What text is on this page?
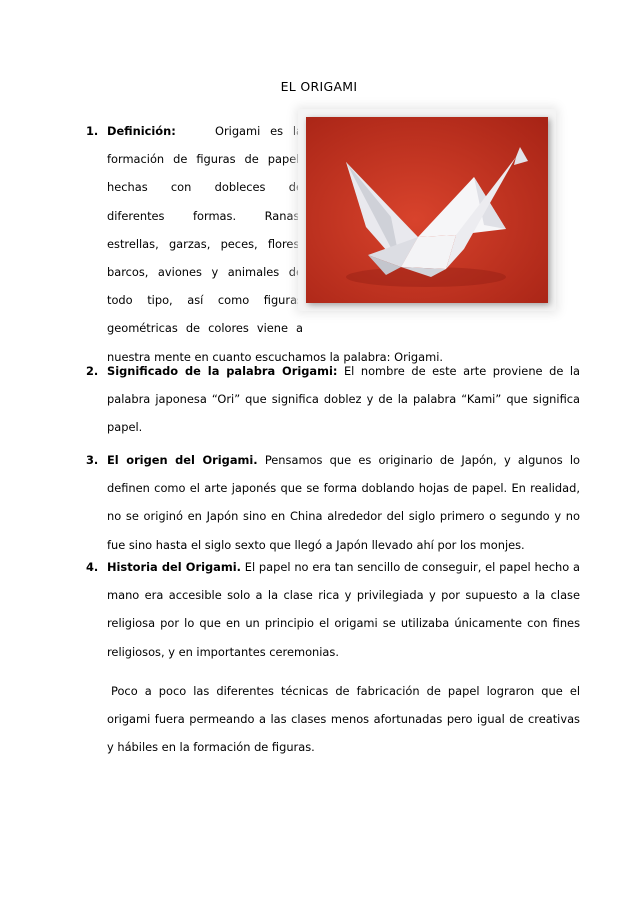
EL ORIGAMI
1. Definición:	Origami es la
formación de figuras de papel,
hechas con dobleces de
diferentes formas. Ranas,
estrellas, garzas, peces, flores,
barcos, aviones y animales de
todo tipo, así como figuras
geométricas de colores viene a
nuestra mente en cuanto escuchamos la palabra: Origami.
2. Significado de la palabra Origami: El nombre de este arte proviene de la palabra japonesa “Ori” que significa doblez y de la palabra “Kami” que significa papel.
3. El origen del Origami. Pensamos que es originario de Japón, y algunos lo definen como el arte japonés que se forma doblando hojas de papel. En realidad, no se originó en Japón sino en China alrededor del siglo primero o segundo y no fue sino hasta el siglo sexto que llegó a Japón llevado ahí por los monjes.
4. Historia del Origami. El papel no era tan sencillo de conseguir, el papel hecho a mano era accesible solo a la clase rica y privilegiada y por supuesto a la clase religiosa por lo que en un principio el origami se utilizaba únicamente con fines religiosos, y en importantes ceremonias.
Poco a poco las diferentes técnicas de fabricación de papel lograron que el origami fuera permeando a las clases menos afortunadas pero igual de creativas y hábiles en la formación de figuras.
